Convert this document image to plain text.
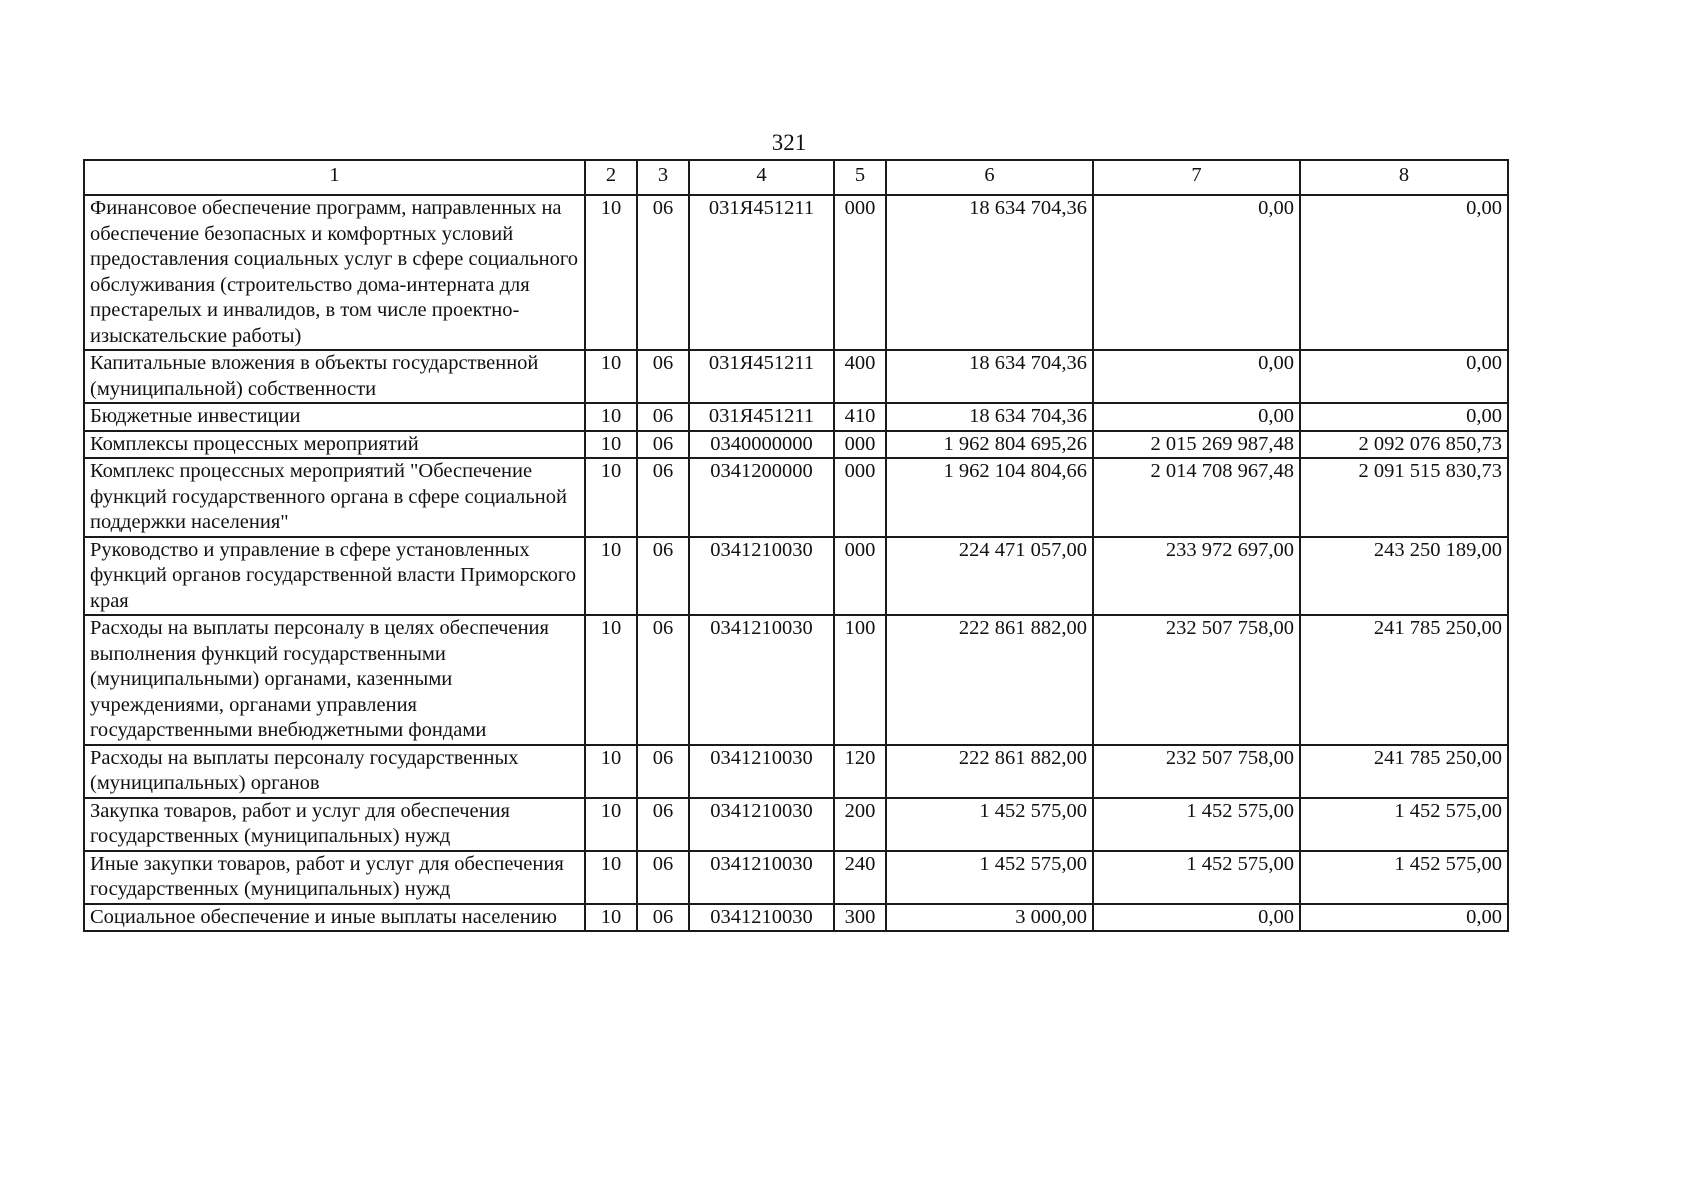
321
1	2	3	4	5	6	7	8
Финансовое обеспечение программ, направленных на обеспечение безопасных и комфортных условий предоставления социальных услуг в сфере социального обслуживания (строительство дома-интерната для престарелых и инвалидов, в том числе проектно-изыскательские работы)	10	06	031Я451211	000	18 634 704,36	0,00	0,00
Капитальные вложения в объекты государственной (муниципальной) собственности	10	06	031Я451211	400	18 634 704,36	0,00	0,00
Бюджетные инвестиции	10	06	031Я451211	410	18 634 704,36	0,00	0,00
Комплексы процессных мероприятий	10	06	0340000000	000	1 962 804 695,26	2 015 269 987,48	2 092 076 850,73
Комплекс процессных мероприятий "Обеспечение функций государственного органа в сфере социальной поддержки населения"	10	06	0341200000	000	1 962 104 804,66	2 014 708 967,48	2 091 515 830,73
Руководство и управление в сфере установленных функций органов государственной власти Приморского края	10	06	0341210030	000	224 471 057,00	233 972 697,00	243 250 189,00
Расходы на выплаты персоналу в целях обеспечения выполнения функций государственными (муниципальными) органами, казенными учреждениями, органами управления государственными внебюджетными фондами	10	06	0341210030	100	222 861 882,00	232 507 758,00	241 785 250,00
Расходы на выплаты персоналу государственных (муниципальных) органов	10	06	0341210030	120	222 861 882,00	232 507 758,00	241 785 250,00
Закупка товаров, работ и услуг для обеспечения государственных (муниципальных) нужд	10	06	0341210030	200	1 452 575,00	1 452 575,00	1 452 575,00
Иные закупки товаров, работ и услуг для обеспечения государственных (муниципальных) нужд	10	06	0341210030	240	1 452 575,00	1 452 575,00	1 452 575,00
Социальное обеспечение и иные выплаты населению	10	06	0341210030	300	3 000,00	0,00	0,00
